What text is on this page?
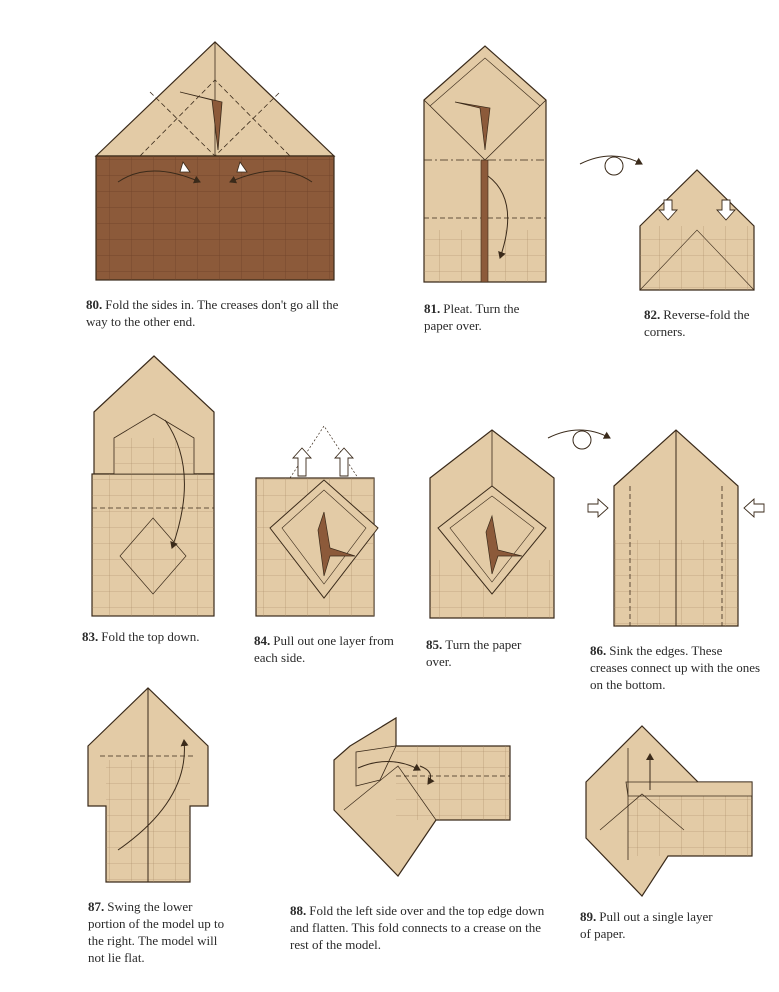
80. Fold the sides in. The creases don't go all the way to the other end.
81. Pleat. Turn the paper over.
82. Reverse-fold the corners.
83. Fold the top down.	84. Pull out one layer from each side.
85. Turn the paper over.
86. Sink the edges. These creases connect up with the ones on the bottom.
87. Swing the lower portion of the model up to the right. The model will not lie flat.
88. Fold the left side over and the top edge down and flatten. This fold connects to a crease on the rest of the model.
89. Pull out a single layer of paper.
